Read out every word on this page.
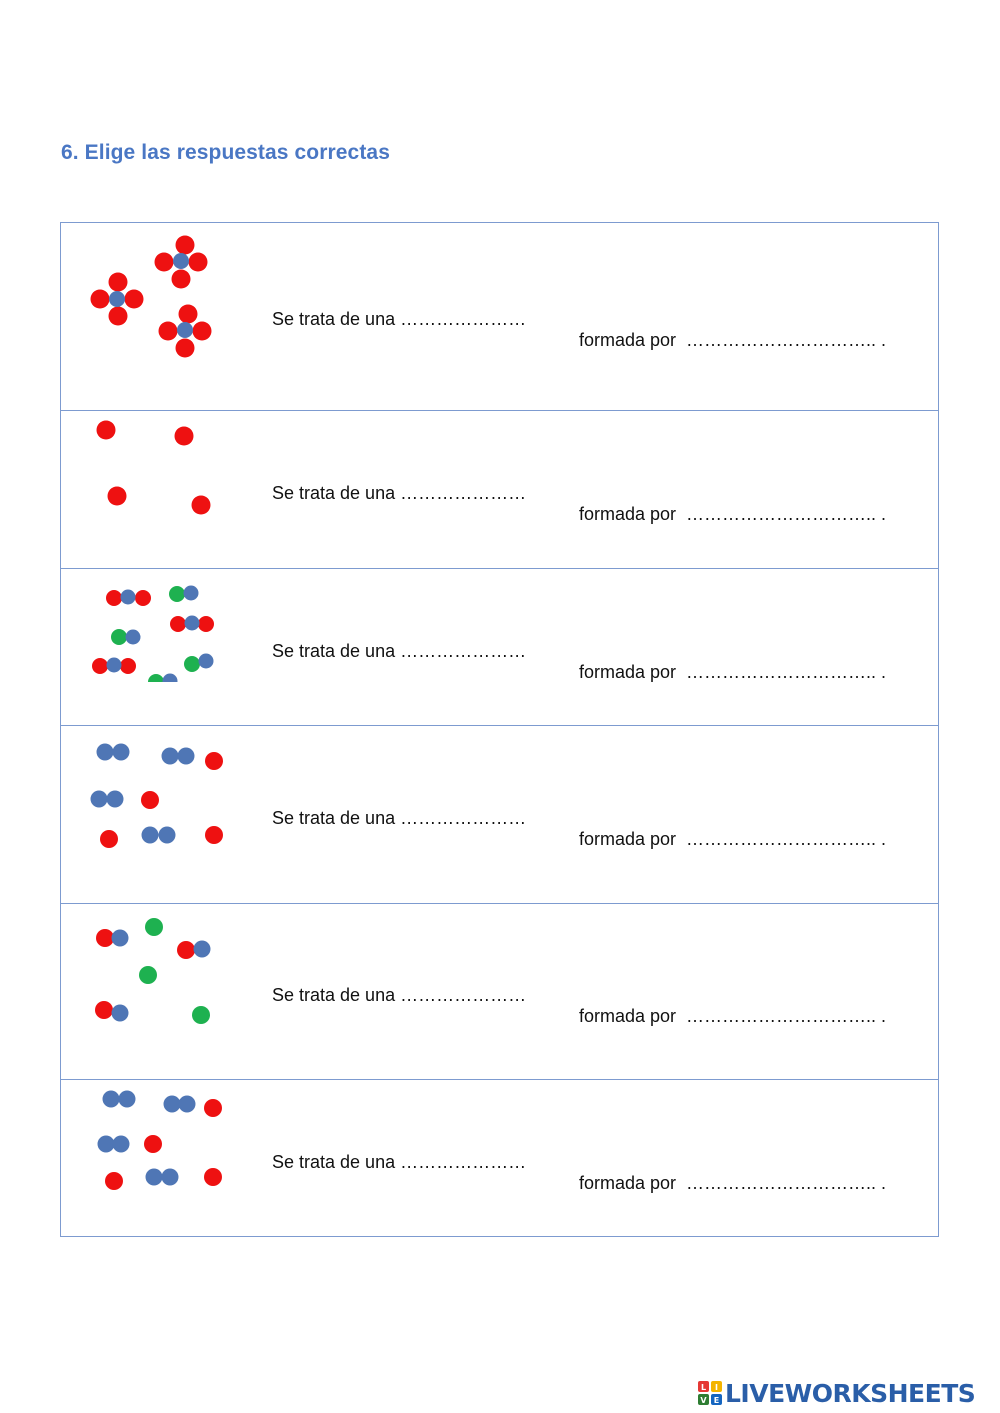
6. Elige las respuestas correctas

Se trata de una …………………

formada por  ………………………….. .

Se trata de una …………………

formada por  ………………………….. .

Se trata de una …………………

formada por  ………………………….. .

Se trata de una …………………

formada por  ………………………….. .

Se trata de una …………………

formada por  ………………………….. .

Se trata de una …………………

formada por  ………………………….. .

L I
V E LIVEWORKSHEETS
